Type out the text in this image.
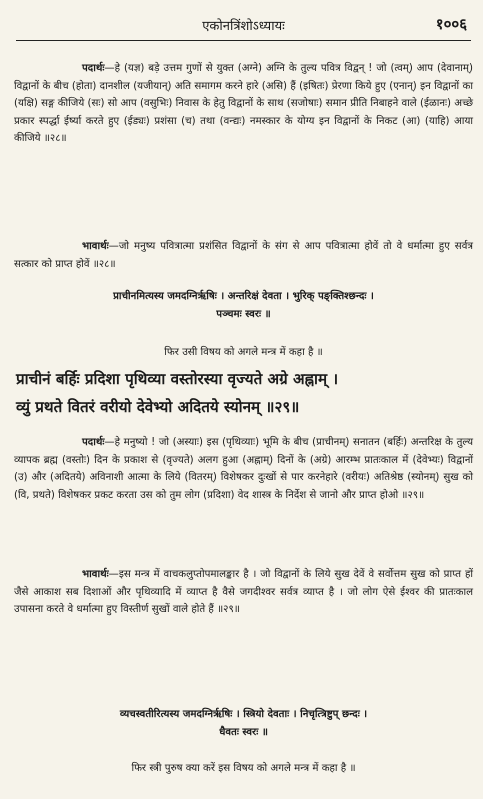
एकोनत्रिंशोऽध्यायः	१००६
पदार्थः—हे (यज्ञ) बड़े उत्तम गुणों से युक्त (अग्ने) अग्नि के तुल्य पवित्र विद्वन् ! जो (त्वम्) आप (देवानाम्) विद्वानों के बीच (होता) दानशील (यजीयान्) अति समागम करने हारे (असि) हैं (इषितः) प्रेरणा किये हुए (एनान्) इन विद्वानों का (यक्षि) सङ्ग कीजिये (सः) सो आप (वसुभिः) निवास के हेतु विद्वानों के साथ (सजोषाः) समान प्रीति निबाहने वाले (ईळानः) अच्छे प्रकार स्पर्द्धा ईर्ष्या करते हुए (ईड्यः) प्रशंसा (च) तथा (वन्द्यः) नमस्कार के योग्य इन विद्वानों के निकट (आ) (याहि) आया कीजिये ॥२८॥
भावार्थः—जो मनुष्य पवित्रात्मा प्रशंसित विद्वानों के संग से आप पवित्रात्मा होवें तो वे धर्मात्मा हुए सर्वत्र सत्कार को प्राप्त होवें ॥२८॥
प्राचीनमित्यस्य जमदग्निर्ऋषिः । अन्तरिक्षं देवता । भुरिक् पङ्क्तिश्छन्दः ।
पञ्चमः स्वरः ॥
फिर उसी विषय को अगले मन्त्र में कहा है ॥
प्राचीनं बर्हिः प्रदिशा पृथिव्या वस्तोरस्या वृज्यते अग्रे अह्नाम् ।
व्युं प्रथते वितरं वरीयो देवेभ्यो अदितये स्योनम् ॥२९॥
पदार्थः—हे मनुष्यो ! जो (अस्याः) इस (पृथिव्याः) भूमि के बीच (प्राचीनम्) सनातन (बर्हिः) अन्तरिक्ष के तुल्य व्यापक ब्रह्म (वस्तोः) दिन के प्रकाश से (वृज्यते) अलग हुआ (अह्नाम्) दिनों के (अग्रे) आरम्भ प्रातःकाल में (देवेभ्यः) विद्वानों (उ) और (अदितये) अविनाशी आत्मा के लिये (वितरम्) विशेषकर दुःखों से पार करनेहारे (वरीयः) अतिश्रेष्ठ (स्योनम्) सुख को (वि, प्रथते) विशेषकर प्रकट करता उस को तुम लोग (प्रदिशा) वेद शास्त्र के निर्देश से जानो और प्राप्त होओ ॥२९॥
भावार्थः—इस मन्त्र में वाचकलुप्तोपमालङ्कार है । जो विद्वानों के लिये सुख देवें वे सर्वोत्तम सुख को प्राप्त हों जैसे आकाश सब दिशाओं और पृथिव्यादि में व्याप्त है वैसे जगदीश्वर सर्वत्र व्याप्त है । जो लोग ऐसे ईश्वर की प्रातःकाल उपासना करते वे धर्मात्मा हुए विस्तीर्ण सुखों वाले होते हैं ॥२९॥
व्यचस्वतीरित्यस्य जमदग्निर्ऋषिः । स्त्रियो देवताः । निचृत्त्रिष्टुप् छन्दः ।
धैवतः स्वरः ॥
फिर स्त्री पुरुष क्या करें इस विषय को अगले मन्त्र में कहा है ॥
